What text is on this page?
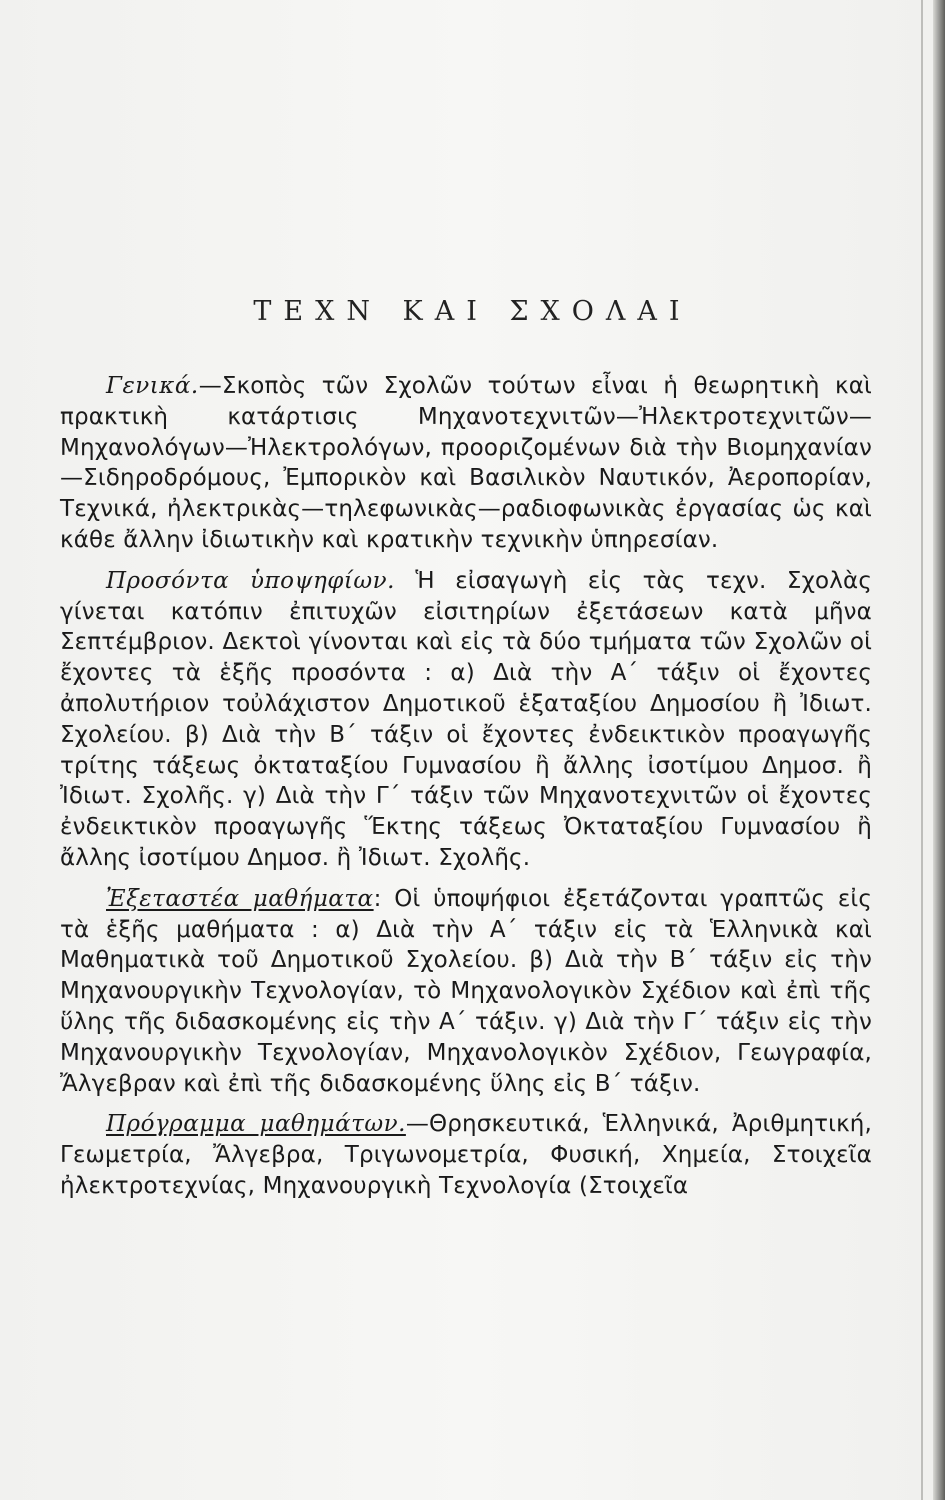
ΤΕΧΝ ΚΑΙ ΣΧΟΛΑΙ

Γενικά.—Σκοπὸς τῶν Σχολῶν τούτων εἶναι ἡ θεωρητικὴ καὶ πρακτικὴ κατάρτισις Μηχανοτεχνιτῶν—Ἠλεκτροτεχνιτῶν—Μηχανολόγων—Ἠλεκτρολόγων, προοριζομένων διὰ τὴν Βιομηχανίαν—Σιδηροδρόμους, Ἐμπορικὸν καὶ Βασιλικὸν Ναυτικόν, Ἀεροπορίαν, Τεχνικά, ἠλεκτρικὰς—τηλεφωνικὰς—ραδιοφωνικὰς ἐργασίας ὡς καὶ κάθε ἄλλην ἰδιωτικὴν καὶ κρατικὴν τεχνικὴν ὑπηρεσίαν.

Προσόντα ὑποψηφίων. Ἡ εἰσαγωγὴ εἰς τὰς τεχν. Σχολὰς γίνεται κατόπιν ἐπιτυχῶν εἰσιτηρίων ἐξετάσεων κατὰ μῆνα Σεπτέμβριον. Δεκτοὶ γίνονται καὶ εἰς τὰ δύο τμήματα τῶν Σχολῶν οἱ ἔχοντες τὰ ἑξῆς προσόντα : α) Διὰ τὴν Α΄ τάξιν οἱ ἔχοντες ἀπολυτήριον τοὐλάχιστον Δημοτικοῦ ἑξαταξίου Δημοσίου ἢ Ἰδιωτ. Σχολείου. β) Διὰ τὴν Β΄ τάξιν οἱ ἔχοντες ἐνδεικτικὸν προαγωγῆς τρίτης τάξεως ὀκταταξίου Γυμνασίου ἢ ἄλλης ἰσοτίμου Δημοσ. ἢ Ἰδιωτ. Σχολῆς. γ) Διὰ τὴν Γ΄ τάξιν τῶν Μηχανοτεχνιτῶν οἱ ἔχοντες ἐνδεικτικὸν προαγωγῆς Ἕκτης τάξεως Ὀκταταξίου Γυμνασίου ἢ ἄλλης ἰσοτίμου Δημοσ. ἢ Ἰδιωτ. Σχολῆς.

Ἐξεταστέα μαθήματα: Οἱ ὑποψήφιοι ἐξετάζονται γραπτῶς εἰς τὰ ἑξῆς μαθήματα : α) Διὰ τὴν Α΄ τάξιν εἰς τὰ Ἑλληνικὰ καὶ Μαθηματικὰ τοῦ Δημοτικοῦ Σχολείου. β) Διὰ τὴν Β΄ τάξιν εἰς τὴν Μηχανουργικὴν Τεχνολογίαν, τὸ Μηχανολογικὸν Σχέδιον καὶ ἐπὶ τῆς ὕλης τῆς διδασκομένης εἰς τὴν Α΄ τάξιν. γ) Διὰ τὴν Γ΄ τάξιν εἰς τὴν Μηχανουργικὴν Τεχνολογίαν, Μηχανολογικὸν Σχέδιον, Γεωγραφία, Ἄλγεβραν καὶ ἐπὶ τῆς διδασκομένης ὕλης εἰς Β΄ τάξιν.

Πρόγραμμα μαθημάτων.—Θρησκευτικά, Ἑλληνικά, Ἀριθμητική, Γεωμετρία, Ἄλγεβρα, Τριγωνομετρία, Φυσική, Χημεία, Στοιχεῖα ἠλεκτροτεχνίας, Μηχανουργικὴ Τεχνολογία (Στοιχεῖα
